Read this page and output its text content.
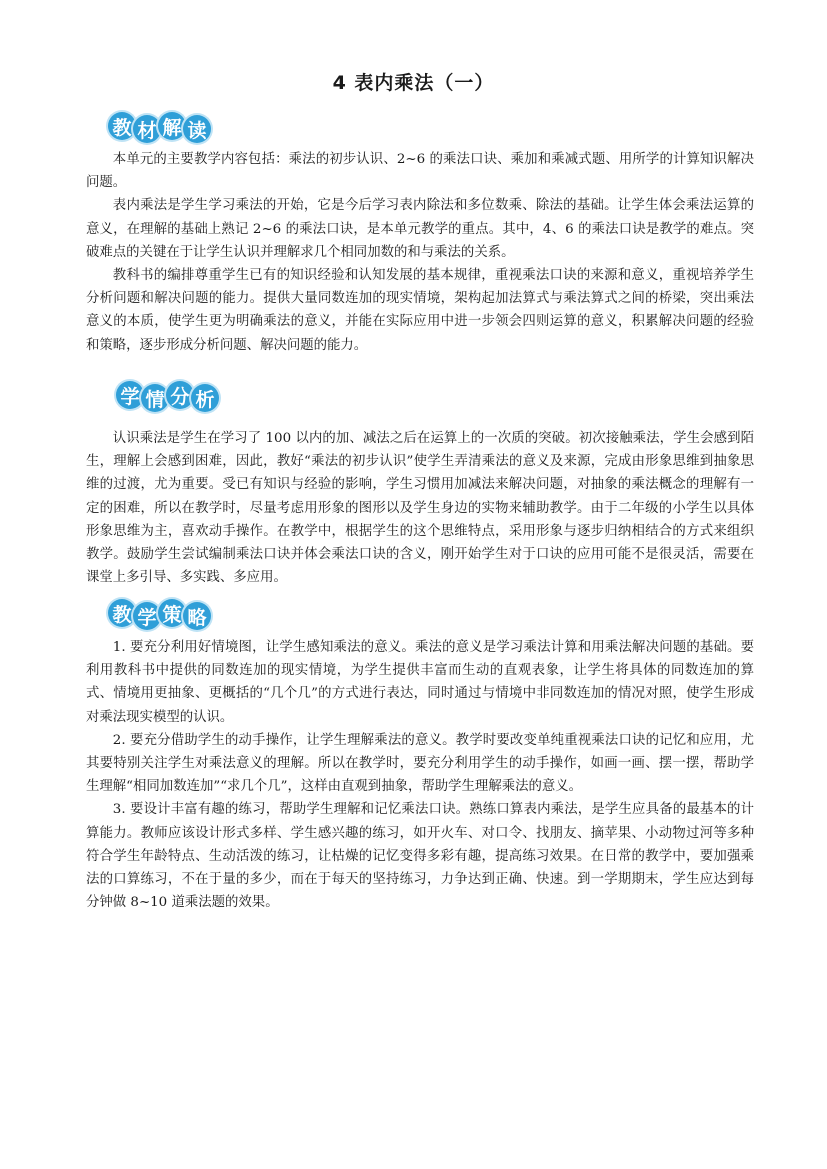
4 表内乘法（一）
教 材 解 读

本单元的主要教学内容包括：乘法的初步认识、2~6 的乘法口诀、乘加和乘减式题、用所学的计算知识解决问题。

表内乘法是学生学习乘法的开始，它是今后学习表内除法和多位数乘、除法的基础。让学生体会乘法运算的意义，在理解的基础上熟记 2~6 的乘法口诀，是本单元教学的重点。其中，4、6 的乘法口诀是教学的难点。突破难点的关键在于让学生认识并理解求几个相同加数的和与乘法的关系。

教科书的编排尊重学生已有的知识经验和认知发展的基本规律，重视乘法口诀的来源和意义，重视培养学生分析问题和解决问题的能力。提供大量同数连加的现实情境，架构起加法算式与乘法算式之间的桥梁，突出乘法意义的本质，使学生更为明确乘法的意义，并能在实际应用中进一步领会四则运算的意义，积累解决问题的经验和策略，逐步形成分析问题、解决问题的能力。

学 情 分 析

认识乘法是学生在学习了 100 以内的加、减法之后在运算上的一次质的突破。初次接触乘法，学生会感到陌生，理解上会感到困难，因此，教好“乘法的初步认识”使学生弄清乘法的意义及来源，完成由形象思维到抽象思维的过渡，尤为重要。受已有知识与经验的影响，学生习惯用加减法来解决问题，对抽象的乘法概念的理解有一定的困难，所以在教学时，尽量考虑用形象的图形以及学生身边的实物来辅助教学。由于二年级的小学生以具体形象思维为主，喜欢动手操作。在教学中，根据学生的这个思维特点，采用形象与逐步归纳相结合的方式来组织教学。鼓励学生尝试编制乘法口诀并体会乘法口诀的含义，刚开始学生对于口诀的应用可能不是很灵活，需要在课堂上多引导、多实践、多应用。

教 学 策 略

1. 要充分利用好情境图，让学生感知乘法的意义。乘法的意义是学习乘法计算和用乘法解决问题的基础。要利用教科书中提供的同数连加的现实情境，为学生提供丰富而生动的直观表象，让学生将具体的同数连加的算式、情境用更抽象、更概括的“几个几”的方式进行表达，同时通过与情境中非同数连加的情况对照，使学生形成对乘法现实模型的认识。

2. 要充分借助学生的动手操作，让学生理解乘法的意义。教学时要改变单纯重视乘法口诀的记忆和应用，尤其要特别关注学生对乘法意义的理解。所以在教学时，要充分利用学生的动手操作，如画一画、摆一摆，帮助学生理解“相同加数连加”“求几个几”，这样由直观到抽象，帮助学生理解乘法的意义。

3. 要设计丰富有趣的练习，帮助学生理解和记忆乘法口诀。熟练口算表内乘法，是学生应具备的最基本的计算能力。教师应该设计形式多样、学生感兴趣的练习，如开火车、对口令、找朋友、摘苹果、小动物过河等多种符合学生年龄特点、生动活泼的练习，让枯燥的记忆变得多彩有趣，提高练习效果。在日常的教学中，要加强乘法的口算练习，不在于量的多少，而在于每天的坚持练习，力争达到正确、快速。到一学期期末，学生应达到每分钟做 8~10 道乘法题的效果。
